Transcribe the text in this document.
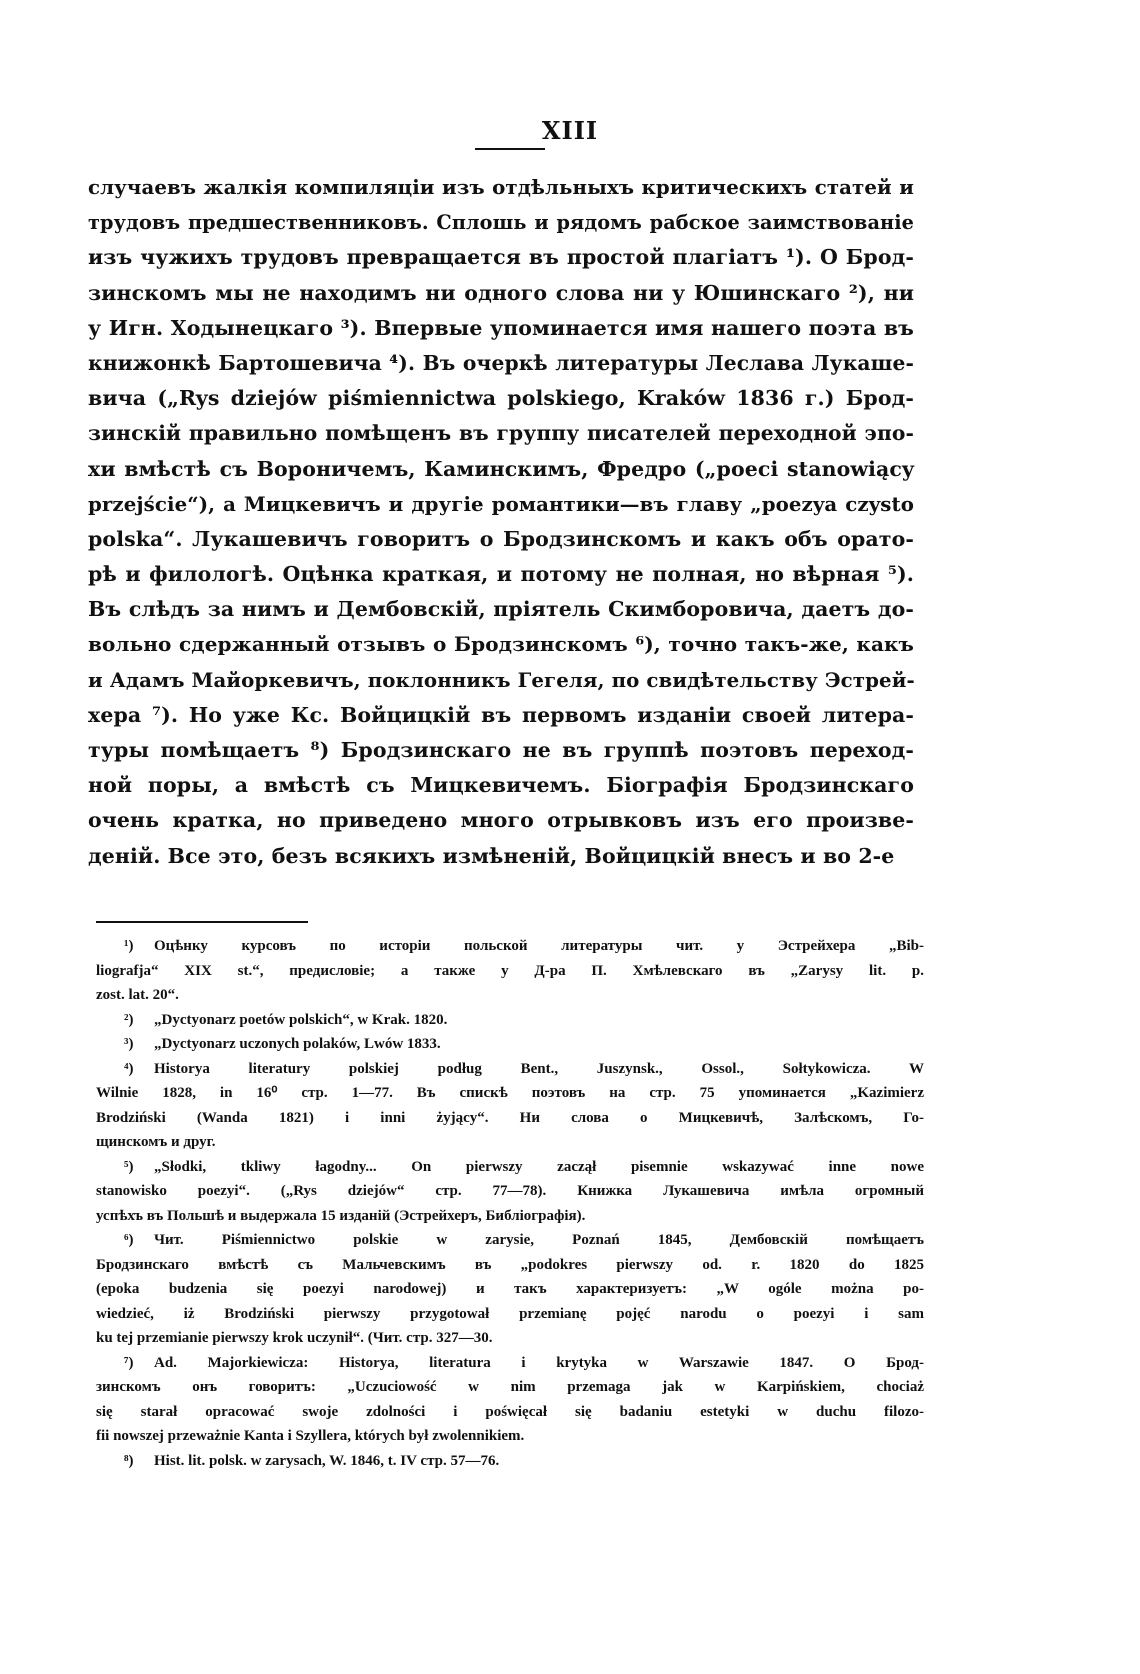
XIII
случаевъ жалкія компиляціи изъ отдѣльныхъ критическихъ статей и
трудовъ предшественниковъ. Сплошь и рядомъ рабское заимствованіе
изъ чужихъ трудовъ превращается въ простой плагіатъ ¹). О Брод-
зинскомъ мы не находимъ ни одного слова ни у Юшинскаго ²), ни
у Игн. Ходынецкаго ³). Впервые упоминается имя нашего поэта въ
книжонкѣ Бартошевича ⁴). Въ очеркѣ литературы Леслава Лукаше-
вича („Rys dziejów piśmiennictwa polskiego, Kraków 1836 г.) Брод-
зинскій правильно помѣщенъ въ группу писателей переходной эпо-
хи вмѣстѣ съ Вороничемъ, Каминскимъ, Фредро („poeci stanowiący
przejście“), а Мицкевичъ и другіе романтики—въ главу „poezya czysto
polska“. Лукашевичъ говоритъ о Бродзинскомъ и какъ объ орато-
рѣ и филологѣ. Оцѣнка краткая, и потому не полная, но вѣрная ⁵).
Въ слѣдъ за нимъ и Дембовскій, пріятель Скимборовича, даетъ до-
вольно сдержанный отзывъ о Бродзинскомъ ⁶), точно такъ-же, какъ
и Адамъ Майоркевичъ, поклонникъ Гегеля, по свидѣтельству Эстрей-
хера ⁷). Но уже Кс. Войцицкій въ первомъ изданіи своей литера-
туры помѣщаетъ ⁸) Бродзинскаго не въ группѣ поэтовъ переход-
ной поры, а вмѣстѣ съ Мицкевичемъ. Біографія Бродзинскаго
очень кратка, но приведено много отрывковъ изъ его произве-
деній. Все это, безъ всякихъ измѣненій, Войцицкій внесъ и во 2-е
¹) Оцѣнку курсовъ по исторіи польской литературы чит. у Эстрейхера „Bib-
liografja“ XIX st.“, предисловіе; а также у Д-ра П. Хмѣлевскаго въ „Zarysy lit. p.
zost. lat. 20“.
²) „Dyctyonarz poetów polskich“, w Krak. 1820.
³) „Dyctyonarz uczonych polaków, Lwów 1833.
⁴) Historya literatury polskiej podług Bent., Juszynsk., Ossol., Sołtykowicza. W
Wilnie 1828, in 16⁰ стр. 1—77. Въ спискѣ поэтовъ на стр. 75 упоминается „Kazimierz
Brodziński (Wanda 1821) i inni żyjący“. Ни слова о Мицкевичѣ, Залѣскомъ, Го-
щинскомъ и друг.
⁵) „Słodki, tkliwy łagodny... On pierwszy zaczął pisemnie wskazywać inne nowe
stanowisko poezyi“. („Rys dziejów“ стр. 77—78). Книжка Лукашевича имѣла огромный
успѣхъ въ Польшѣ и выдержала 15 изданій (Эстрейхеръ, Библіографія).
⁶) Чит. Piśmiennictwo polskie w zarysie, Poznań 1845, Дембовскій помѣщаетъ
Бродзинскаго вмѣстѣ съ Мальчевскимъ въ „podokres pierwszy od. r. 1820 do 1825
(epoka budzenia się poezyi narodowej) и такъ характеризуетъ: „W ogóle można po-
wiedzieć, iż Brodziński pierwszy przygotował przemianę pojęć narodu o poezyi i sam
ku tej przemianie pierwszy krok uczynił“. (Чит. стр. 327—30.
⁷) Ad. Majorkiewicza: Historya, literatura i krytyka w Warszawie 1847. О Брод-
зинскомъ онъ говоритъ: „Uczuciowość w nim przemaga jak w Karpińskiem, chociaż
się starał opracować swoje zdolności i poświęcał się badaniu estetyki w duchu filozo-
fii nowszej przeważnie Kanta i Szyllera, których był zwolennikiem.
⁸) Hist. lit. polsk. w zarysach, W. 1846, t. IV стр. 57—76.
